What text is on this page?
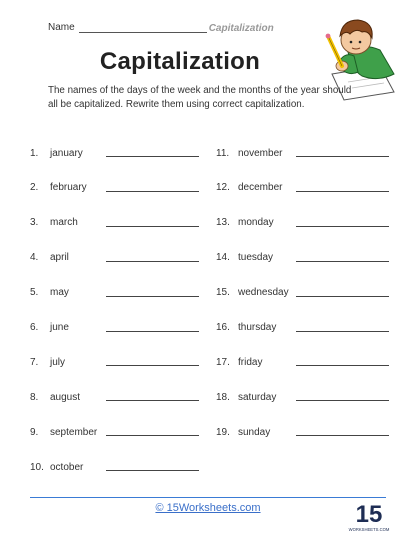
Name	Capitalization
Capitalization
The names of the days of the week and the months of the year should all be capitalized. Rewrite them using correct capitalization.
1.	january
2.	february
3.	march
4.	april
5.	may
6.	june
7.	july
8.	august
9.	september
10. october
11. november
12. december
13. monday
14. tuesday
15. wednesday
16. thursday
17. friday
18. saturday
19. sunday
© 15Worksheets.com	15
WORKSHEETS.COM
